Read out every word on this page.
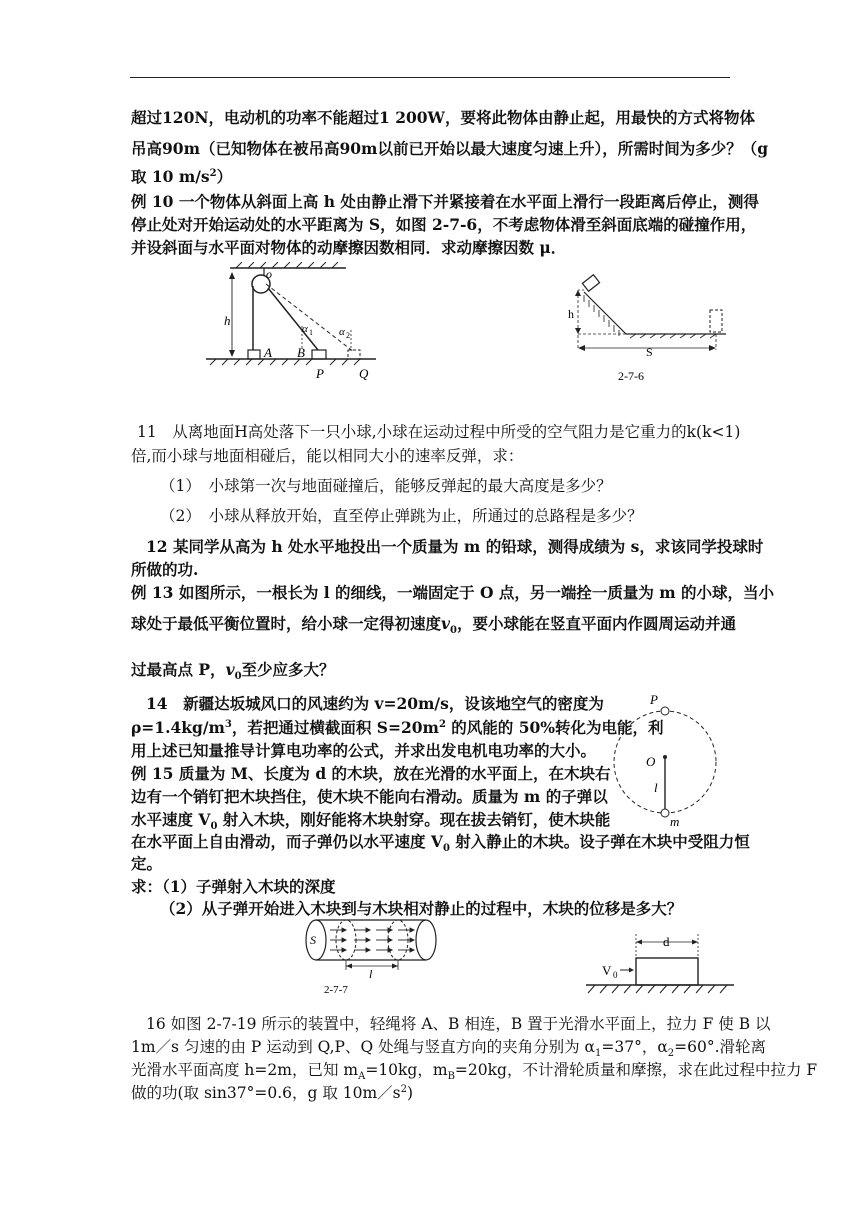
超过120N，电动机的功率不能超过1 200W，要将此物体由静止起，用最快的方式将物体
吊高90m（已知物体在被吊高90m以前已开始以最大速度匀速上升），所需时间为多少？（g
取 10 $m/s^2$）
例 10 一个物体从斜面上高 h 处由静止滑下并紧接着在水平面上滑行一段距离后停止，测得
停止处对开始运动处的水平距离为 S，如图 2-7-6，不考虑物体滑至斜面底端的碰撞作用，
并设斜面与水平面对物体的动摩擦因数相同．求动摩擦因数 μ．
h
o
A B
P	Q
α 1 α 2
h
S
2-7-6
11　从离地面H高处落下一只小球,小球在运动过程中所受的空气阻力是它重力的k(k<1)
倍,而小球与地面相碰后，能以相同大小的速率反弹，求：
（1）　小球第一次与地面碰撞后，能够反弹起的最大高度是多少？
（2）　小球从释放开始，直至停止弹跳为止，所通过的总路程是多少？
12 某同学从高为 h 处水平地投出一个质量为 m 的铅球，测得成绩为 s，求该同学投球时
所做的功.
例 13 如图所示，一根长为 l 的细线，一端固定于 O 点，另一端拴一质量为 m 的小球，当小
球处于最低平衡位置时，给小球一定得初速度$v_0$，要小球能在竖直平面内作圆周运动并通
过最高点 P，$v_0$至少应多大？
14　新疆达坂城风口的风速约为 v=20m/s，设该地空气的密度为
$\rho=1.4kg/m^3$，若把通过横截面积 $S=20m^2$ 的风能的 50%转化为电能，利
用上述已知量推导计算电功率的公式，并求出发电机电功率的大小。
例 15 质量为 M、长度为 d 的木块，放在光滑的水平面上，在木块右
边有一个销钉把木块挡住，使木块不能向右滑动。质量为 m 的子弹以
水平速度 $V_0$ 射入木块，刚好能将木块射穿。现在拔去销钉，使木块能
在水平面上自由滑动，而子弹仍以水平速度 $V_0$ 射入静止的木块。设子弹在木块中受阻力恒
定。
求：（1）子弹射入木块的深度
（2）从子弹开始进入木块到与木块相对静止的过程中，木块的位移是多大？
P
O
l
m
S
l
2-7-7
d
V 0
16 如图 2-7-19 所示的装置中，轻绳将 A、B 相连，B 置于光滑水平面上，拉力 F 使 B 以
1m／s 匀速的由 P 运动到 Q,P、Q 处绳与竖直方向的夹角分别为 $\alpha_1=37^\circ$，$\alpha_2=60^\circ$.滑轮离
光滑水平面高度 h=2m，已知 $m_A=10kg$，$m_B=20kg$，不计滑轮质量和摩擦，求在此过程中拉力 F
做的功(取 sin37°=0.6，g 取 $10m/s^2$)
